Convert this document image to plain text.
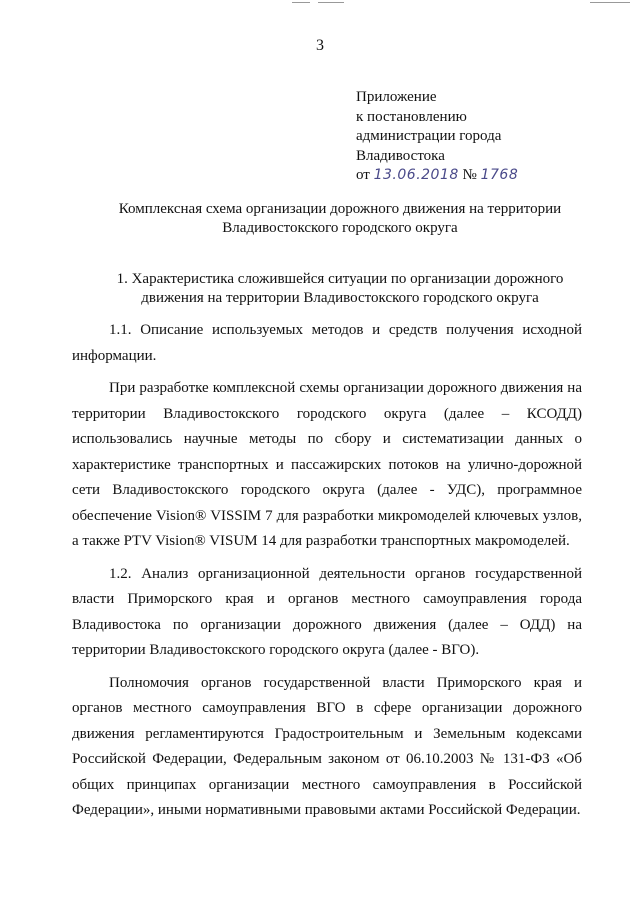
3
Приложение
к постановлению
администрации города
Владивостока
от 13.06.2018 № 1768
Комплексная схема организации дорожного движения на территории
Владивостокского городского округа
1. Характеристика сложившейся ситуации по организации дорожного
движения на территории Владивостокского городского округа

1.1. Описание используемых методов и средств получения исходной информации.

При разработке комплексной схемы организации дорожного движения на территории Владивостокского городского округа (далее – КСОДД) использовались научные методы по сбору и систематизации данных о характеристике транспортных и пассажирских потоков на улично-дорожной сети Владивостокского городского округа (далее - УДС), программное обеспечение Vision® VISSIM 7 для разработки микромоделей ключевых узлов, а также PTV Vision® VISUM 14 для разработки транспортных макромоделей.

1.2. Анализ организационной деятельности органов государственной власти Приморского края и органов местного самоуправления города Владивостока по организации дорожного движения (далее – ОДД) на территории Владивостокского городского округа (далее - ВГО).

Полномочия органов государственной власти Приморского края и органов местного самоуправления ВГО в сфере организации дорожного движения регламентируются Градостроительным и Земельным кодексами Российской Федерации, Федеральным законом от 06.10.2003 № 131-ФЗ «Об общих принципах организации местного самоуправления в Российской Федерации», иными нормативными правовыми актами Российской Федерации.
